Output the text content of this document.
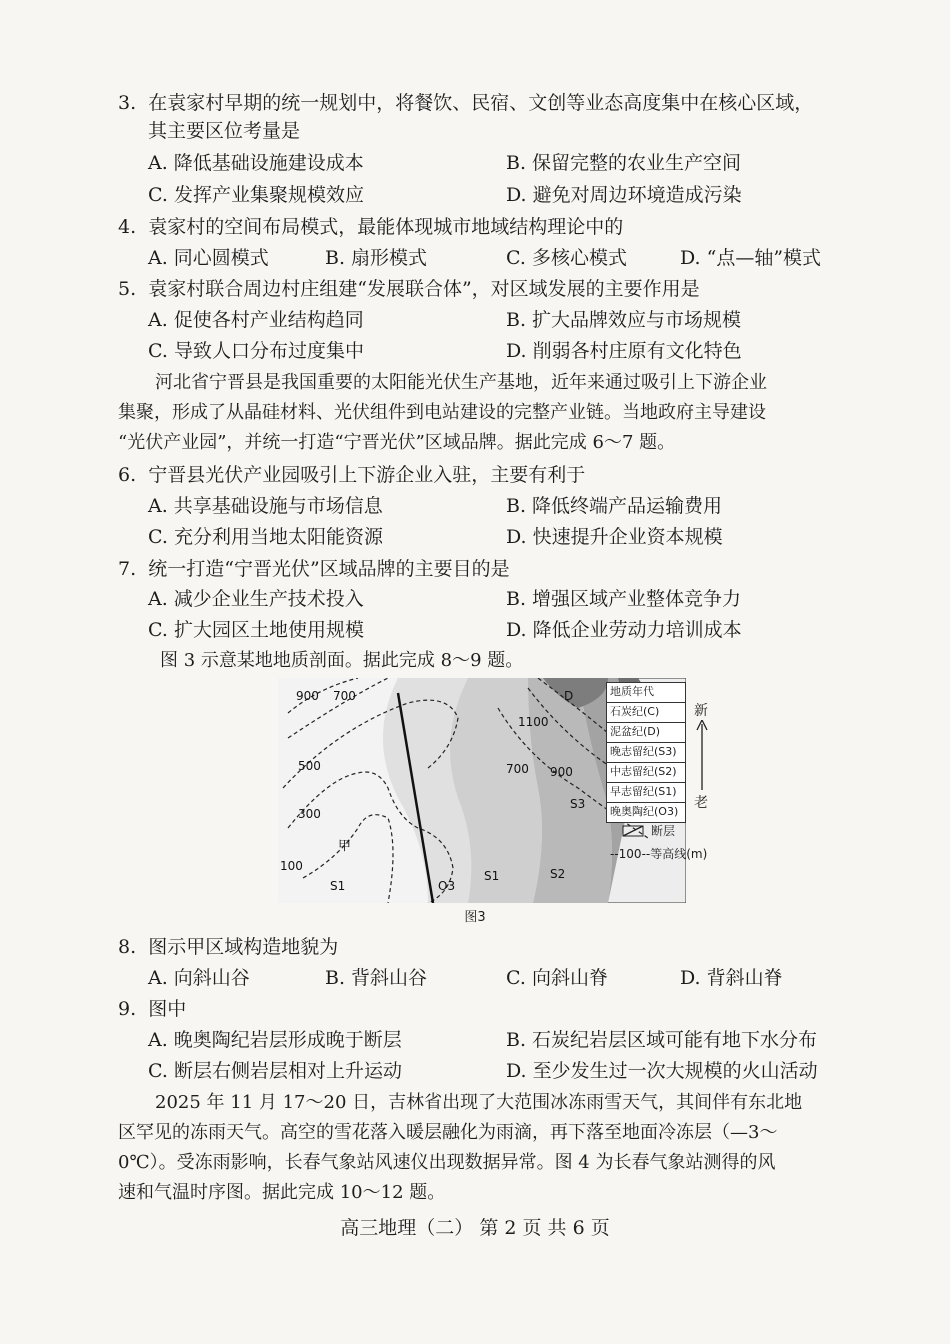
3. 在袁家村早期的统一规划中，将餐饮、民宿、文创等业态高度集中在核心区域，
其主要区位考量是
A. 降低基础设施建设成本	B. 保留完整的农业生产空间
C. 发挥产业集聚规模效应	D. 避免对周边环境造成污染
4. 袁家村的空间布局模式，最能体现城市地域结构理论中的
A. 同心圆模式	B. 扇形模式	C. 多核心模式	D. “点—轴”模式
5. 袁家村联合周边村庄组建“发展联合体”，对区域发展的主要作用是
A. 促使各村产业结构趋同	B. 扩大品牌效应与市场规模
C. 导致人口分布过度集中	D. 削弱各村庄原有文化特色
河北省宁晋县是我国重要的太阳能光伏生产基地，近年来通过吸引上下游企业
集聚，形成了从晶硅材料、光伏组件到电站建设的完整产业链。当地政府主导建设
“光伏产业园”，并统一打造“宁晋光伏”区域品牌。据此完成 6～7 题。
6. 宁晋县光伏产业园吸引上下游企业入驻，主要有利于
A. 共享基础设施与市场信息	B. 降低终端产品运输费用
C. 充分利用当地太阳能资源	D. 快速提升企业资本规模
7. 统一打造“宁晋光伏”区域品牌的主要目的是
A. 减少企业生产技术投入	B. 增强区域产业整体竞争力
C. 扩大园区土地使用规模	D. 降低企业劳动力培训成本
图 3 示意某地地质剖面。据此完成 8～9 题。
900 700
500
300
100
1100
900
700
D
S3
S2
S1
O3
S1
甲
地质年代
石炭纪(C)
泥盆纪(D)
晚志留纪(S3)
中志留纪(S2)
早志留纪(S1)
晚奥陶纪(O3)
新
老
断层
--100--等高线(m)
图3
8. 图示甲区域构造地貌为
A. 向斜山谷	B. 背斜山谷	C. 向斜山脊	D. 背斜山脊
9. 图中
A. 晚奥陶纪岩层形成晚于断层	B. 石炭纪岩层区域可能有地下水分布
C. 断层右侧岩层相对上升运动	D. 至少发生过一次大规模的火山活动
2025 年 11 月 17～20 日，吉林省出现了大范围冰冻雨雪天气，其间伴有东北地
区罕见的冻雨天气。高空的雪花落入暖层融化为雨滴，再下落至地面冷冻层（—3～
0℃）。受冻雨影响，长春气象站风速仪出现数据异常。图 4 为长春气象站测得的风
速和气温时序图。据此完成 10～12 题。
高三地理（二） 第 2 页 共 6 页
